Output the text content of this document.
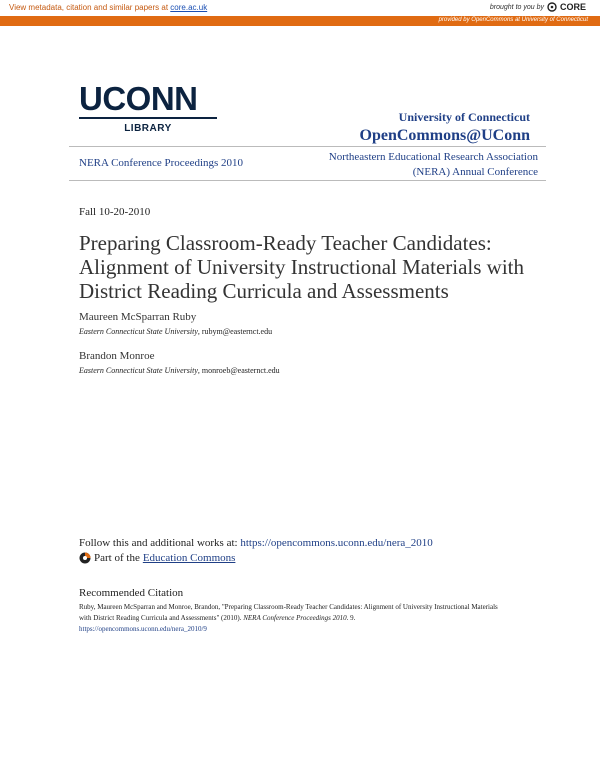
View metadata, citation and similar papers at core.ac.uk	brought to you by CORE
provided by OpenCommons at University of Connecticut
UCONN
LIBRARY
University of Connecticut
OpenCommons@UConn
NERA Conference Proceedings 2010	Northeastern Educational Research Association
(NERA) Annual Conference
Fall 10-20-2010
Preparing Classroom-Ready Teacher Candidates: Alignment of University Instructional Materials with District Reading Curricula and Assessments
Maureen McSparran Ruby
Eastern Connecticut State University, rubym@easternct.edu
Brandon Monroe
Eastern Connecticut State University, monroeb@easternct.edu
Follow this and additional works at: https://opencommons.uconn.edu/nera_2010
Part of the Education Commons
Recommended Citation
Ruby, Maureen McSparran and Monroe, Brandon, "Preparing Classroom-Ready Teacher Candidates: Alignment of University Instructional Materials with District Reading Curricula and Assessments" (2010). NERA Conference Proceedings 2010. 9.
https://opencommons.uconn.edu/nera_2010/9
